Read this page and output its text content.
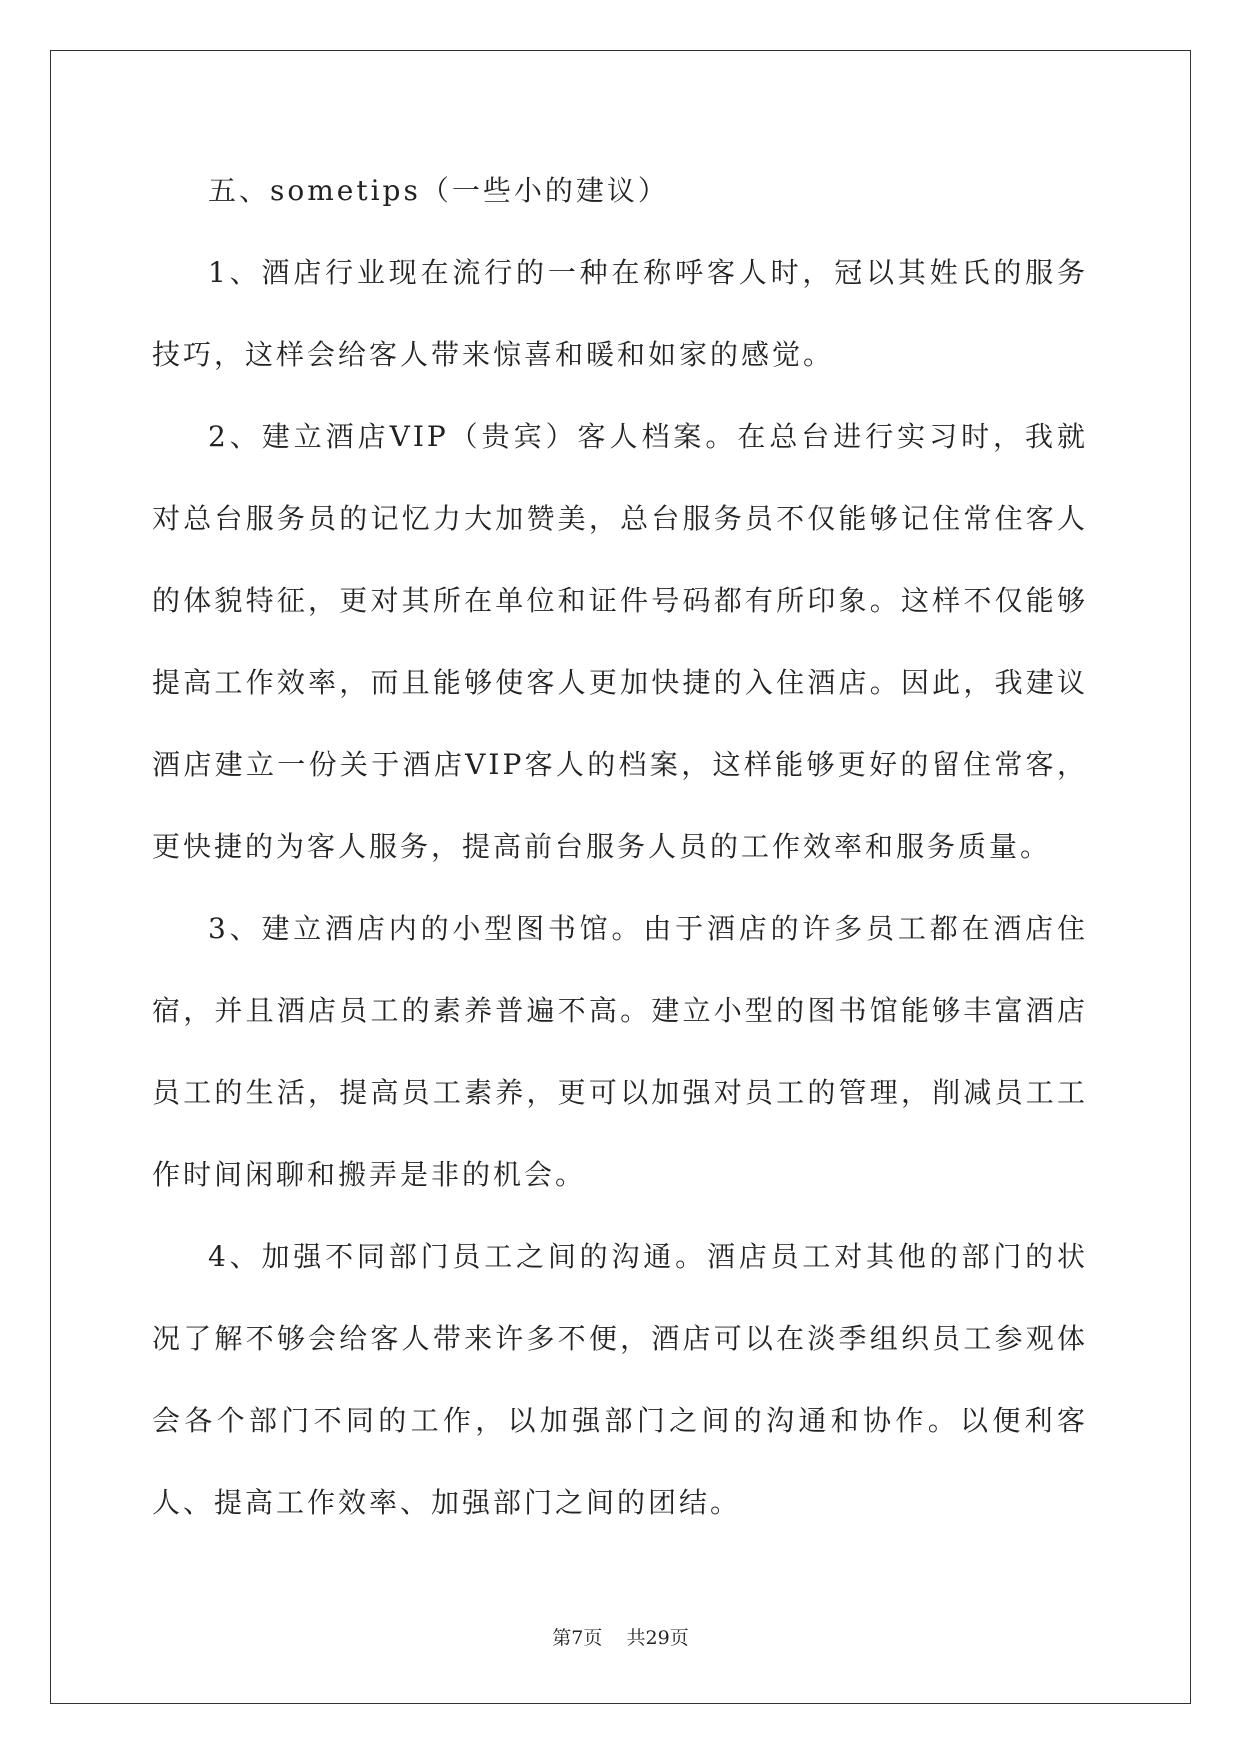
五、sometips（一些小的建议）

1、酒店行业现在流行的一种在称呼客人时，冠以其姓氏的服务技巧，这样会给客人带来惊喜和暖和如家的感觉。

2、建立酒店VIP（贵宾）客人档案。在总台进行实习时，我就对总台服务员的记忆力大加赞美，总台服务员不仅能够记住常住客人的体貌特征，更对其所在单位和证件号码都有所印象。这样不仅能够提高工作效率，而且能够使客人更加快捷的入住酒店。因此，我建议酒店建立一份关于酒店VIP客人的档案，这样能够更好的留住常客，更快捷的为客人服务，提高前台服务人员的工作效率和服务质量。

3、建立酒店内的小型图书馆。由于酒店的许多员工都在酒店住宿，并且酒店员工的素养普遍不高。建立小型的图书馆能够丰富酒店员工的生活，提高员工素养，更可以加强对员工的管理，削减员工工作时间闲聊和搬弄是非的机会。

4、加强不同部门员工之间的沟通。酒店员工对其他的部门的状况了解不够会给客人带来许多不便，酒店可以在淡季组织员工参观体会各个部门不同的工作，以加强部门之间的沟通和协作。以便利客人、提高工作效率、加强部门之间的团结。

第7页 共29页
